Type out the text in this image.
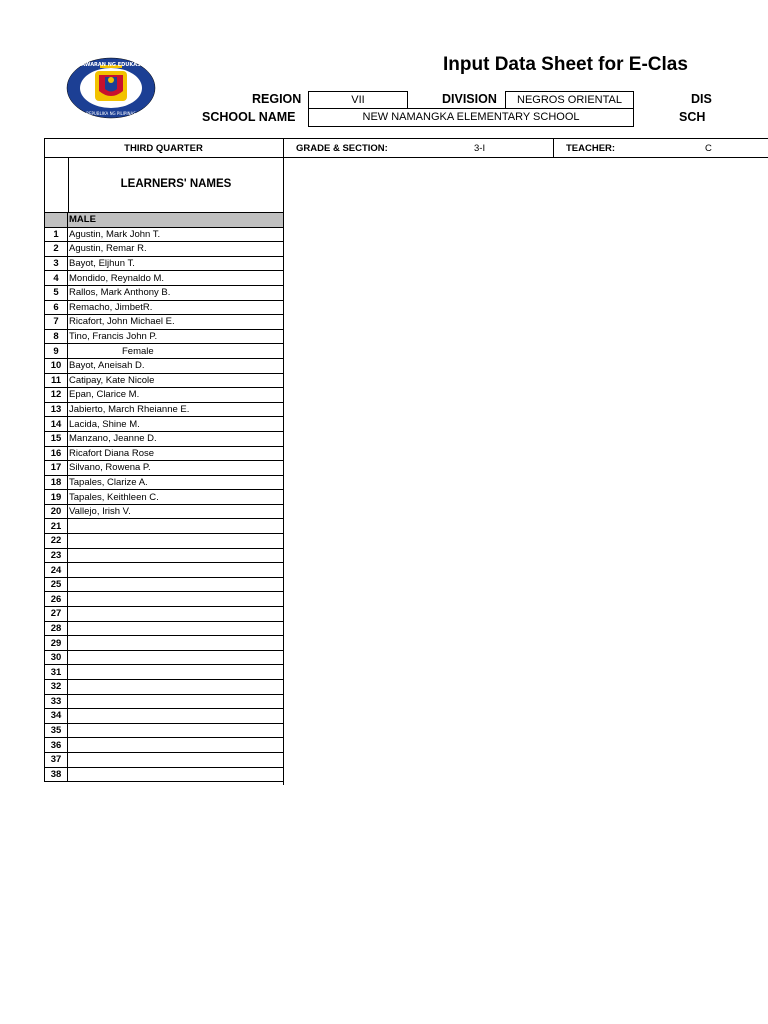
KAGAWARAN NG EDUKASYON
REPUBLIKA NG PILIPINAS
Input Data Sheet for E-Clas
REGION	VII	DIVISION	NEGROS ORIENTAL	DIS
SCHOOL NAME	NEW NAMANGKA ELEMENTARY SCHOOL	SCH
THIRD QUARTER	GRADE & SECTION:	3-I	TEACHER:	C
LEARNERS' NAMES
	MALE
1	Agustin, Mark John T.
2	Agustin, Remar R.
3	Bayot, Eljhun T.
4	Mondido, Reynaldo M.
5	Rallos, Mark Anthony B.
6	Remacho, JimbetR.
7	Ricafort, John Michael E.
8	Tino, Francis John P.
9	Female
10	Bayot, Aneisah D.
11	Catipay, Kate Nicole
12	Epan, Clarice M.
13	Jabierto, March Rheianne E.
14	Lacida, Shine M.
15	Manzano, Jeanne D.
16	Ricafort Diana Rose
17	Silvano, Rowena P.
18	Tapales, Clarize A.
19	Tapales, Keithleen C.
20	Vallejo, Irish V.
21	
22	
23	
24	
25	
26	
27	
28	
29	
30	
31	
32	
33	
34	
35	
36	
37	
38	
